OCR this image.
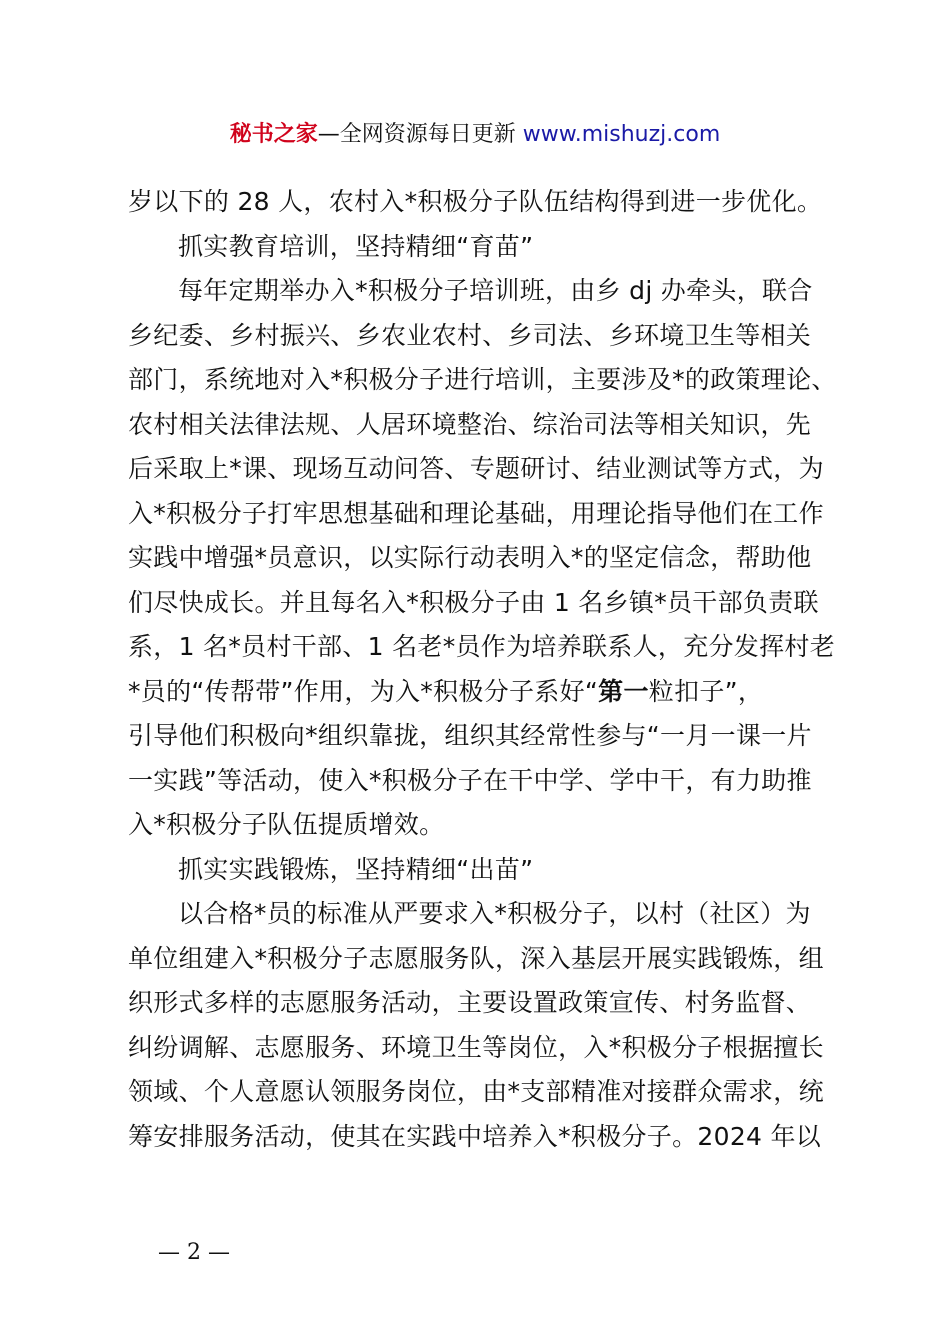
秘书之家—全网资源每日更新 www.mishuzj.com
岁以下的 28 人，农村入*积极分子队伍结构得到进一步优化。
抓实教育培训，坚持精细“育苗”
每年定期举办入*积极分子培训班，由乡 dj 办牵头，联合
乡纪委、乡村振兴、乡农业农村、乡司法、乡环境卫生等相关
部门，系统地对入*积极分子进行培训，主要涉及*的政策理论、
农村相关法律法规、人居环境整治、综治司法等相关知识，先
后采取上*课、现场互动问答、专题研讨、结业测试等方式，为
入*积极分子打牢思想基础和理论基础，用理论指导他们在工作
实践中增强*员意识，以实际行动表明入*的坚定信念，帮助他
们尽快成长。并且每名入*积极分子由 1 名乡镇*员干部负责联
系，1 名*员村干部、1 名老*员作为培养联系人，充分发挥村老
*员的“传帮带”作用，为入*积极分子系好“第一粒扣子”，
引导他们积极向*组织靠拢，组织其经常性参与“一月一课一片
一实践”等活动，使入*积极分子在干中学、学中干，有力助推
入*积极分子队伍提质增效。
抓实实践锻炼，坚持精细“出苗”
以合格*员的标准从严要求入*积极分子，以村（社区）为
单位组建入*积极分子志愿服务队，深入基层开展实践锻炼，组
织形式多样的志愿服务活动，主要设置政策宣传、村务监督、
纠纷调解、志愿服务、环境卫生等岗位，入*积极分子根据擅长
领域、个人意愿认领服务岗位，由*支部精准对接群众需求，统
筹安排服务活动，使其在实践中培养入*积极分子。2024 年以
— 2 —
